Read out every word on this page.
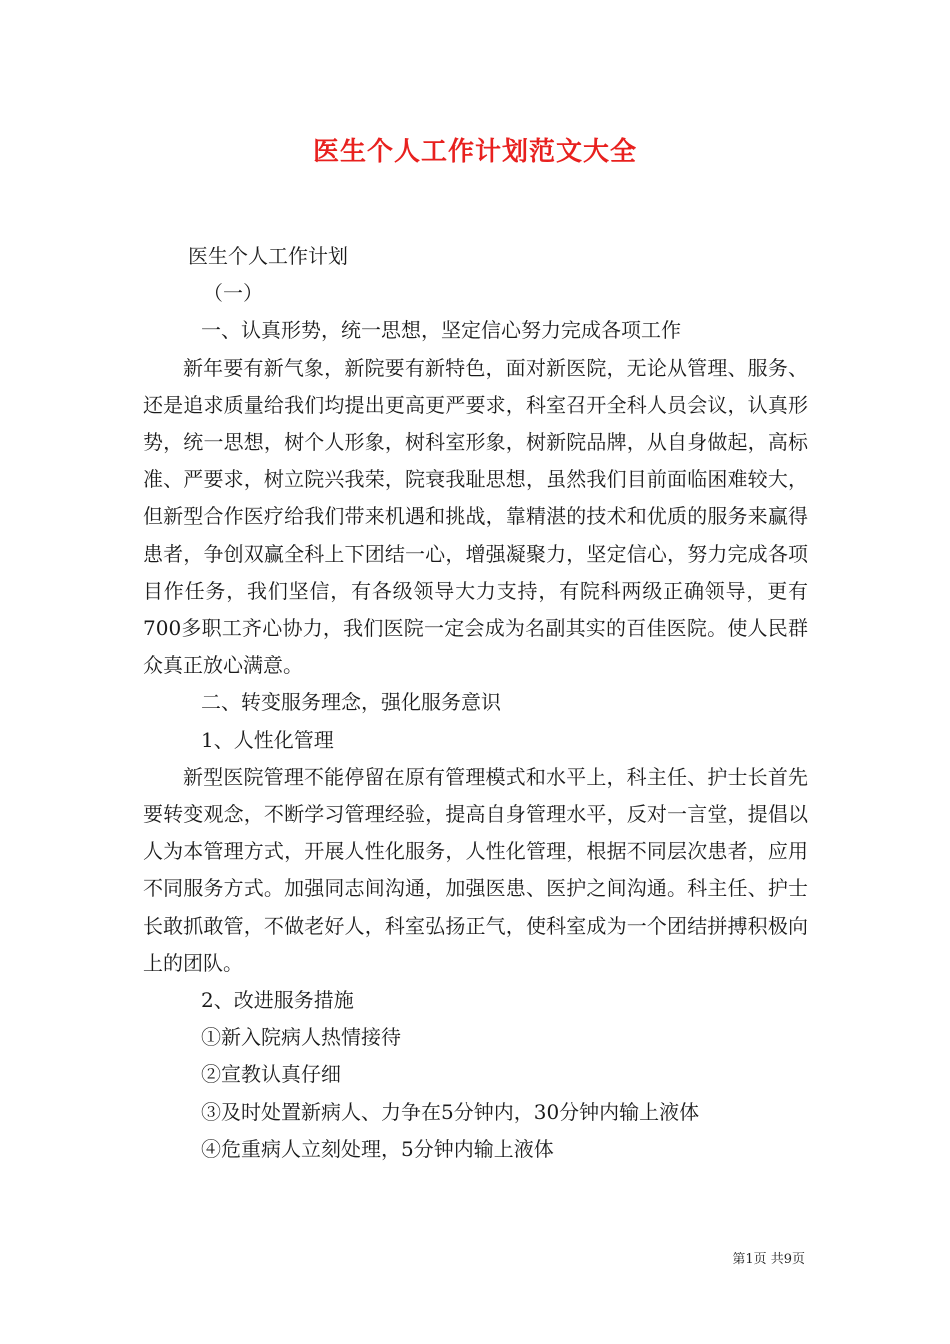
医生个人工作计划范文大全

医生个人工作计划

（一）

一、认真形势，统一思想，坚定信心努力完成各项工作

新年要有新气象，新院要有新特色，面对新医院，无论从管理、服务、还是追求质量给我们均提出更高更严要求，科室召开全科人员会议，认真形势，统一思想，树个人形象，树科室形象，树新院品牌，从自身做起，高标准、严要求，树立院兴我荣，院衰我耻思想，虽然我们目前面临困难较大，但新型合作医疗给我们带来机遇和挑战，靠精湛的技术和优质的服务来赢得患者，争创双赢全科上下团结一心，增强凝聚力，坚定信心，努力完成各项目作任务，我们坚信，有各级领导大力支持，有院科两级正确领导，更有700多职工齐心协力，我们医院一定会成为名副其实的百佳医院。使人民群众真正放心满意。

二、转变服务理念，强化服务意识

1、人性化管理

新型医院管理不能停留在原有管理模式和水平上，科主任、护士长首先要转变观念，不断学习管理经验，提高自身管理水平，反对一言堂，提倡以人为本管理方式，开展人性化服务，人性化管理，根据不同层次患者，应用不同服务方式。加强同志间沟通，加强医患、医护之间沟通。科主任、护士长敢抓敢管，不做老好人，科室弘扬正气，使科室成为一个团结拼搏积极向上的团队。

2、改进服务措施

①新入院病人热情接待

②宣教认真仔细

③及时处置新病人、力争在5分钟内，30分钟内输上液体

④危重病人立刻处理，5分钟内输上液体

第1页 共9页
